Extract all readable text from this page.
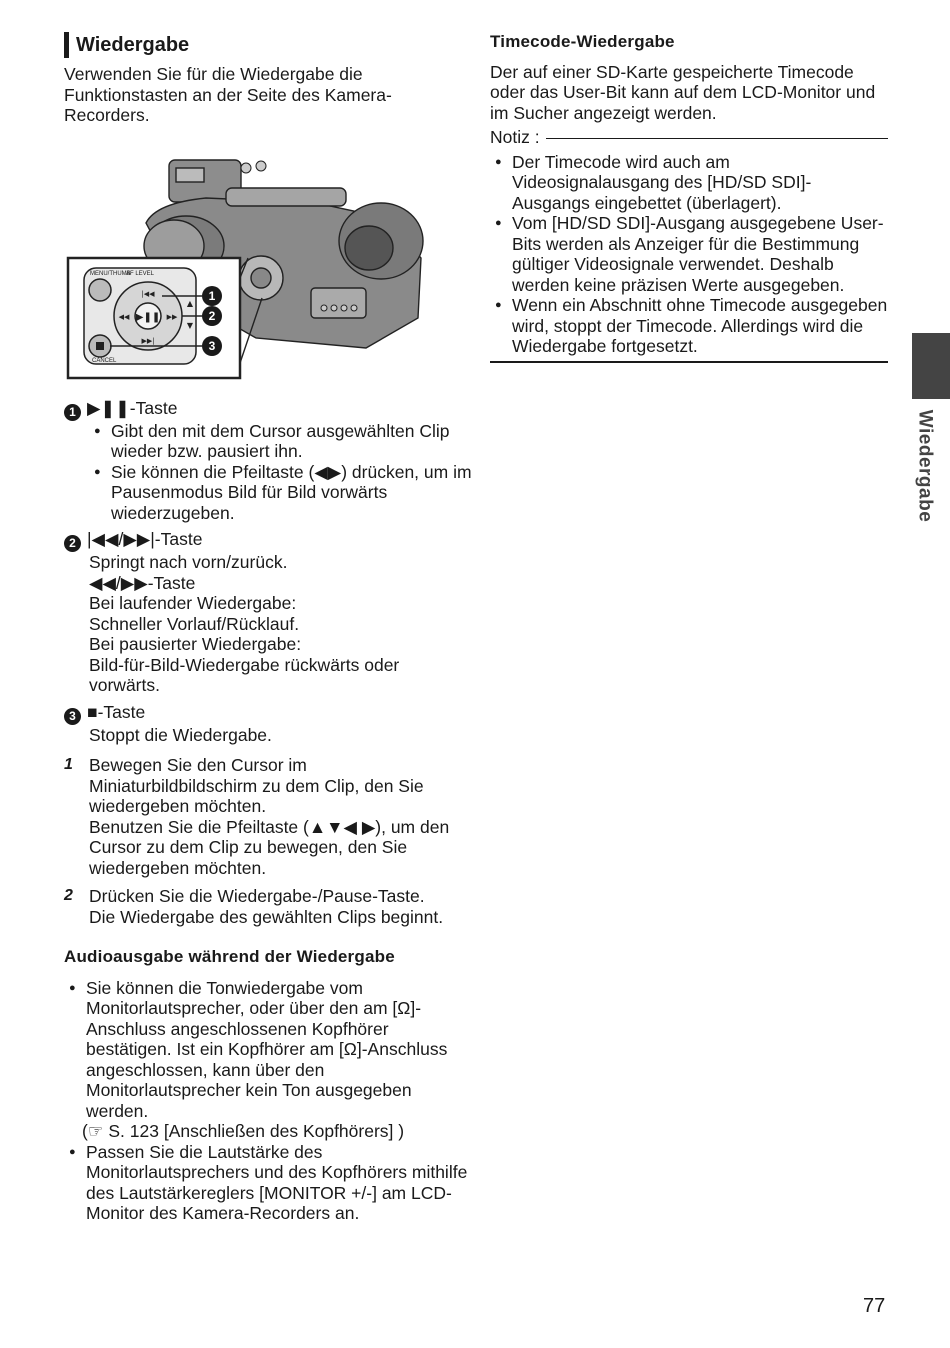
Wiedergabe

Verwenden Sie für die Wiedergabe die Funktionstasten an der Seite des Kamera-Recorders.

▶❚❚
|◀◀
▶▶|
◀◀	▶▶
▲
▼
MENU/THUMB
AF LEVEL
CANCEL
1
2
3
1 ▶❚❚-Taste
● Gibt den mit dem Cursor ausgewählten Clip wieder bzw. pausiert ihn.
● Sie können die Pfeiltaste (◀▶) drücken, um im Pausenmodus Bild für Bild vorwärts wiederzugeben.
2 |◀◀/▶▶|-Taste
Springt nach vorn/zurück.
◀◀/▶▶-Taste
Bei laufender Wiedergabe:
Schneller Vorlauf/Rücklauf.
Bei pausierter Wiedergabe:
Bild-für-Bild-Wiedergabe rückwärts oder vorwärts.
3 ■-Taste
Stoppt die Wiedergabe.
1 Bewegen Sie den Cursor im Miniaturbildbildschirm zu dem Clip, den Sie wiedergeben möchten.
Benutzen Sie die Pfeiltaste (▲▼◀ ▶), um den Cursor zu dem Clip zu bewegen, den Sie wiedergeben möchten.
2 Drücken Sie die Wiedergabe-/Pause-Taste.
Die Wiedergabe des gewählten Clips beginnt.
Audioausgabe während der Wiedergabe
● Sie können die Tonwiedergabe vom Monitorlautsprecher, oder über den am [Ω]-Anschluss angeschlossenen Kopfhörer bestätigen. Ist ein Kopfhörer am [Ω]-Anschluss angeschlossen, kann über den Monitorlautsprecher kein Ton ausgegeben werden.
(☞ S. 123 [Anschließen des Kopfhörers] )
● Passen Sie die Lautstärke des Monitorlautsprechers und des Kopfhörers mithilfe des Lautstärkereglers [MONITOR +/-] am LCD-Monitor des Kamera-Recorders an.
Timecode-Wiedergabe

Der auf einer SD-Karte gespeicherte Timecode oder das User-Bit kann auf dem LCD-Monitor und im Sucher angezeigt werden.

Notiz :
● Der Timecode wird auch am Videosignalausgang des [HD/SD SDI]-Ausgangs eingebettet (überlagert).
● Vom [HD/SD SDI]-Ausgang ausgegebene User-Bits werden als Anzeiger für die Bestimmung gültiger Videosignale verwendet. Deshalb werden keine präzisen Werte ausgegeben.
● Wenn ein Abschnitt ohne Timecode ausgegeben wird, stoppt der Timecode. Allerdings wird die Wiedergabe fortgesetzt.
Wiedergabe
77
